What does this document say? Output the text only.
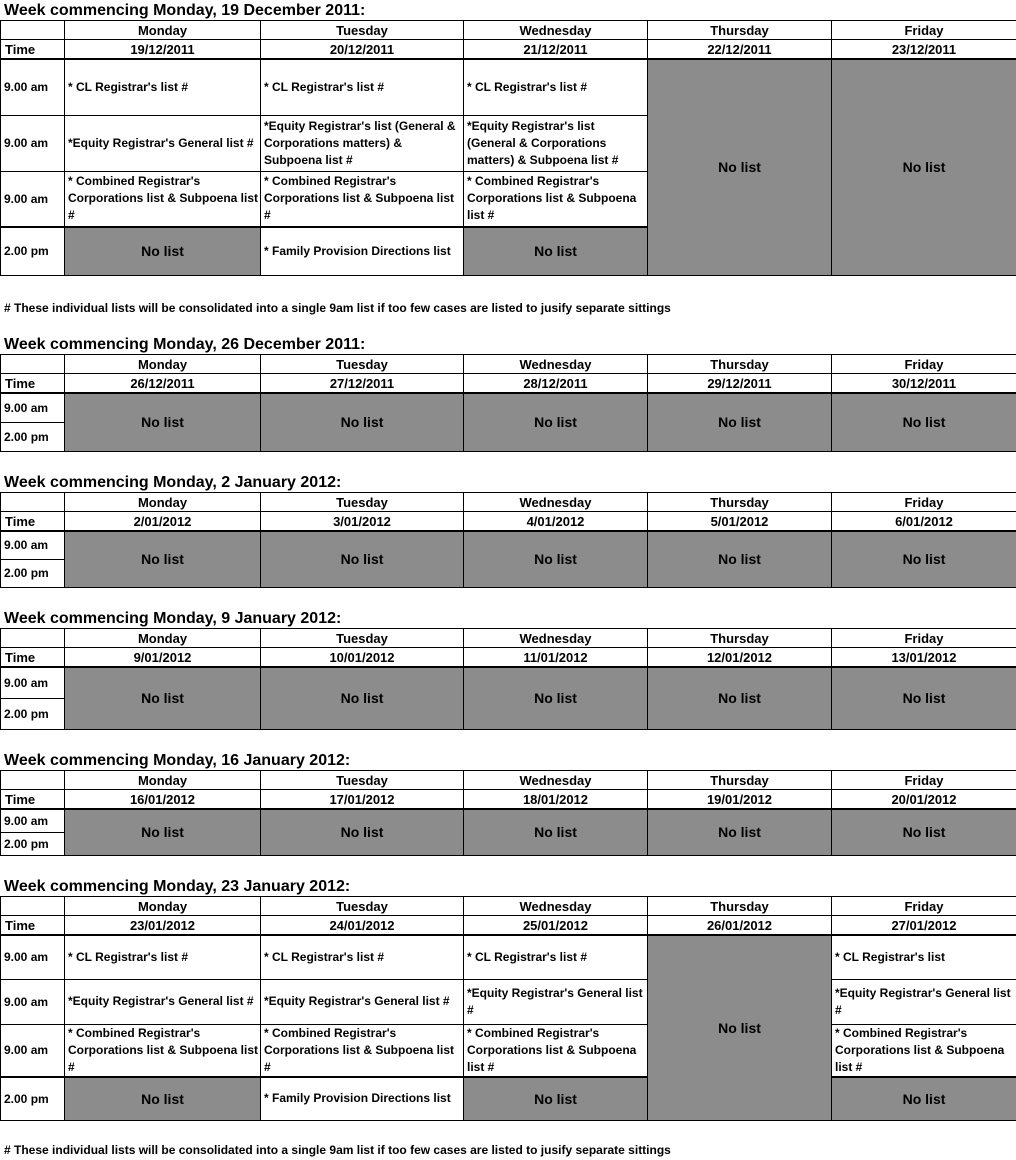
Week commencing Monday, 19 December 2011:
	Monday	Tuesday	Wednesday	Thursday	Friday
Time	19/12/2011	20/12/2011	21/12/2011	22/12/2011	23/12/2011
9.00 am	* CL Registrar's list #	* CL Registrar's list #	* CL Registrar's list #	No list	No list
9.00 am	*Equity Registrar's General list #	*Equity Registrar's list (General & Corporations matters) & Subpoena list #	*Equity Registrar's list (General & Corporations matters) & Subpoena list #		
9.00 am	* Combined Registrar's Corporations list & Subpoena list #	* Combined Registrar's Corporations list & Subpoena list #	* Combined Registrar's Corporations list & Subpoena list #		
2.00 pm	No list	* Family Provision Directions list	No list		
# These individual lists will be consolidated into a single 9am list if too few cases are listed to jusify separate sittings
Week commencing Monday, 26 December 2011:
	Monday	Tuesday	Wednesday	Thursday	Friday
Time	26/12/2011	27/12/2011	28/12/2011	29/12/2011	30/12/2011
9.00 am	No list	No list	No list	No list	No list
2.00 pm					
Week commencing Monday, 2 January 2012:
	Monday	Tuesday	Wednesday	Thursday	Friday
Time	2/01/2012	3/01/2012	4/01/2012	5/01/2012	6/01/2012
9.00 am	No list	No list	No list	No list	No list
2.00 pm					
Week commencing Monday, 9 January 2012:
	Monday	Tuesday	Wednesday	Thursday	Friday
Time	9/01/2012	10/01/2012	11/01/2012	12/01/2012	13/01/2012
9.00 am	No list	No list	No list	No list	No list
2.00 pm					
Week commencing Monday, 16 January 2012:
	Monday	Tuesday	Wednesday	Thursday	Friday
Time	16/01/2012	17/01/2012	18/01/2012	19/01/2012	20/01/2012
9.00 am	No list	No list	No list	No list	No list
2.00 pm					
Week commencing Monday, 23 January 2012:
	Monday	Tuesday	Wednesday	Thursday	Friday
Time	23/01/2012	24/01/2012	25/01/2012	26/01/2012	27/01/2012
9.00 am	* CL Registrar's list #	* CL Registrar's list #	* CL Registrar's list #	No list	* CL Registrar's list
9.00 am	*Equity Registrar's General list #	*Equity Registrar's General list #	*Equity Registrar's General list #		*Equity Registrar's General list #
9.00 am	* Combined Registrar's Corporations list & Subpoena list #	* Combined Registrar's Corporations list & Subpoena list #	* Combined Registrar's Corporations list & Subpoena list #		* Combined Registrar's Corporations list & Subpoena list #
2.00 pm	No list	* Family Provision Directions list	No list		No list
# These individual lists will be consolidated into a single 9am list if too few cases are listed to jusify separate sittings
